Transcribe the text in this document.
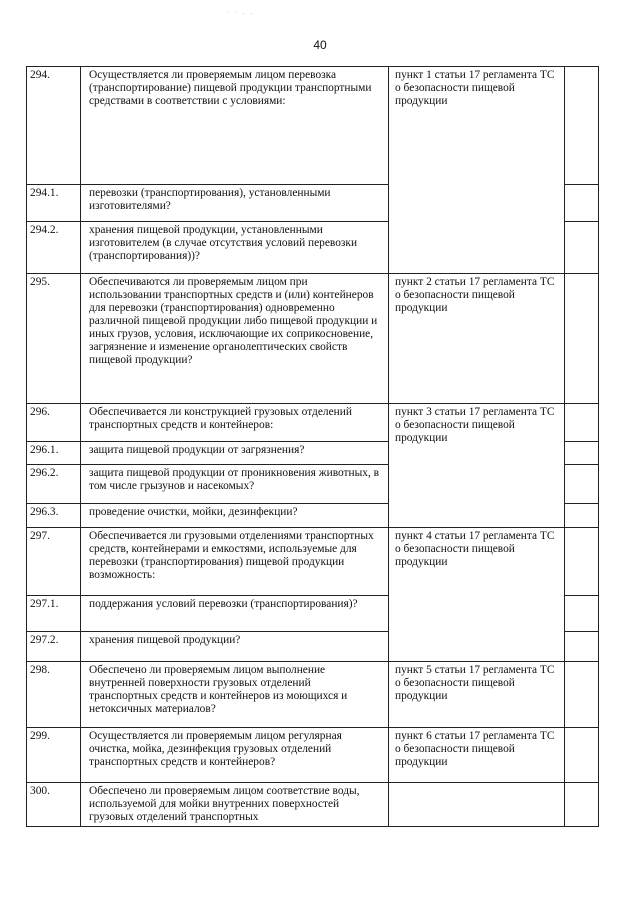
˙ ˙ · ·
40
294.	Осуществляется ли проверяемым лицом перевозка (транспортирование) пищевой продукции транспортными средствами в соответствии с условиями:	пункт 1 статьи 17 регламента ТС о безопасности пищевой продукции	
294.1.	перевозки (транспортирования), установленными изготовителями?		
294.2.	хранения пищевой продукции, установленными изготовителем (в случае отсутствия условий перевозки (транспортирования))?		
295.	Обеспечиваются ли проверяемым лицом при использовании транспортных средств и (или) контейнеров для перевозки (транспортирования) одновременно различной пищевой продукции либо пищевой продукции и иных грузов, условия, исключающие их соприкосновение, загрязнение и изменение органолептических свойств пищевой продукции?	пункт 2 статьи 17 регламента ТС о безопасности пищевой продукции	
296.	Обеспечивается ли конструкцией грузовых отделений транспортных средств и контейнеров:	пункт 3 статьи 17 регламента ТС о безопасности пищевой продукции	
296.1.	защита пищевой продукции от загрязнения?		
296.2.	защита пищевой продукции от проникновения животных, в том числе грызунов и насекомых?		
296.3.	проведение очистки, мойки, дезинфекции?		
297.	Обеспечивается ли грузовыми отделениями транспортных средств, контейнерами и емкостями, используемые для перевозки (транспортирования) пищевой продукции возможность:	пункт 4 статьи 17 регламента ТС о безопасности пищевой продукции	
297.1.	поддержания условий перевозки (транспортирования)?		
297.2.	хранения пищевой продукции?		
298.	Обеспечено ли проверяемым лицом выполнение внутренней поверхности грузовых отделений транспортных средств и контейнеров из моющихся и нетоксичных материалов?	пункт 5 статьи 17 регламента ТС о безопасности пищевой продукции	
299.	Осуществляется ли проверяемым лицом регулярная очистка, мойка, дезинфекция грузовых отделений транспортных средств и контейнеров?	пункт 6 статьи 17 регламента ТС о безопасности пищевой продукции	
300.	Обеспечено ли проверяемым лицом соответствие воды, используемой для мойки внутренних поверхностей грузовых отделений транспортных		
